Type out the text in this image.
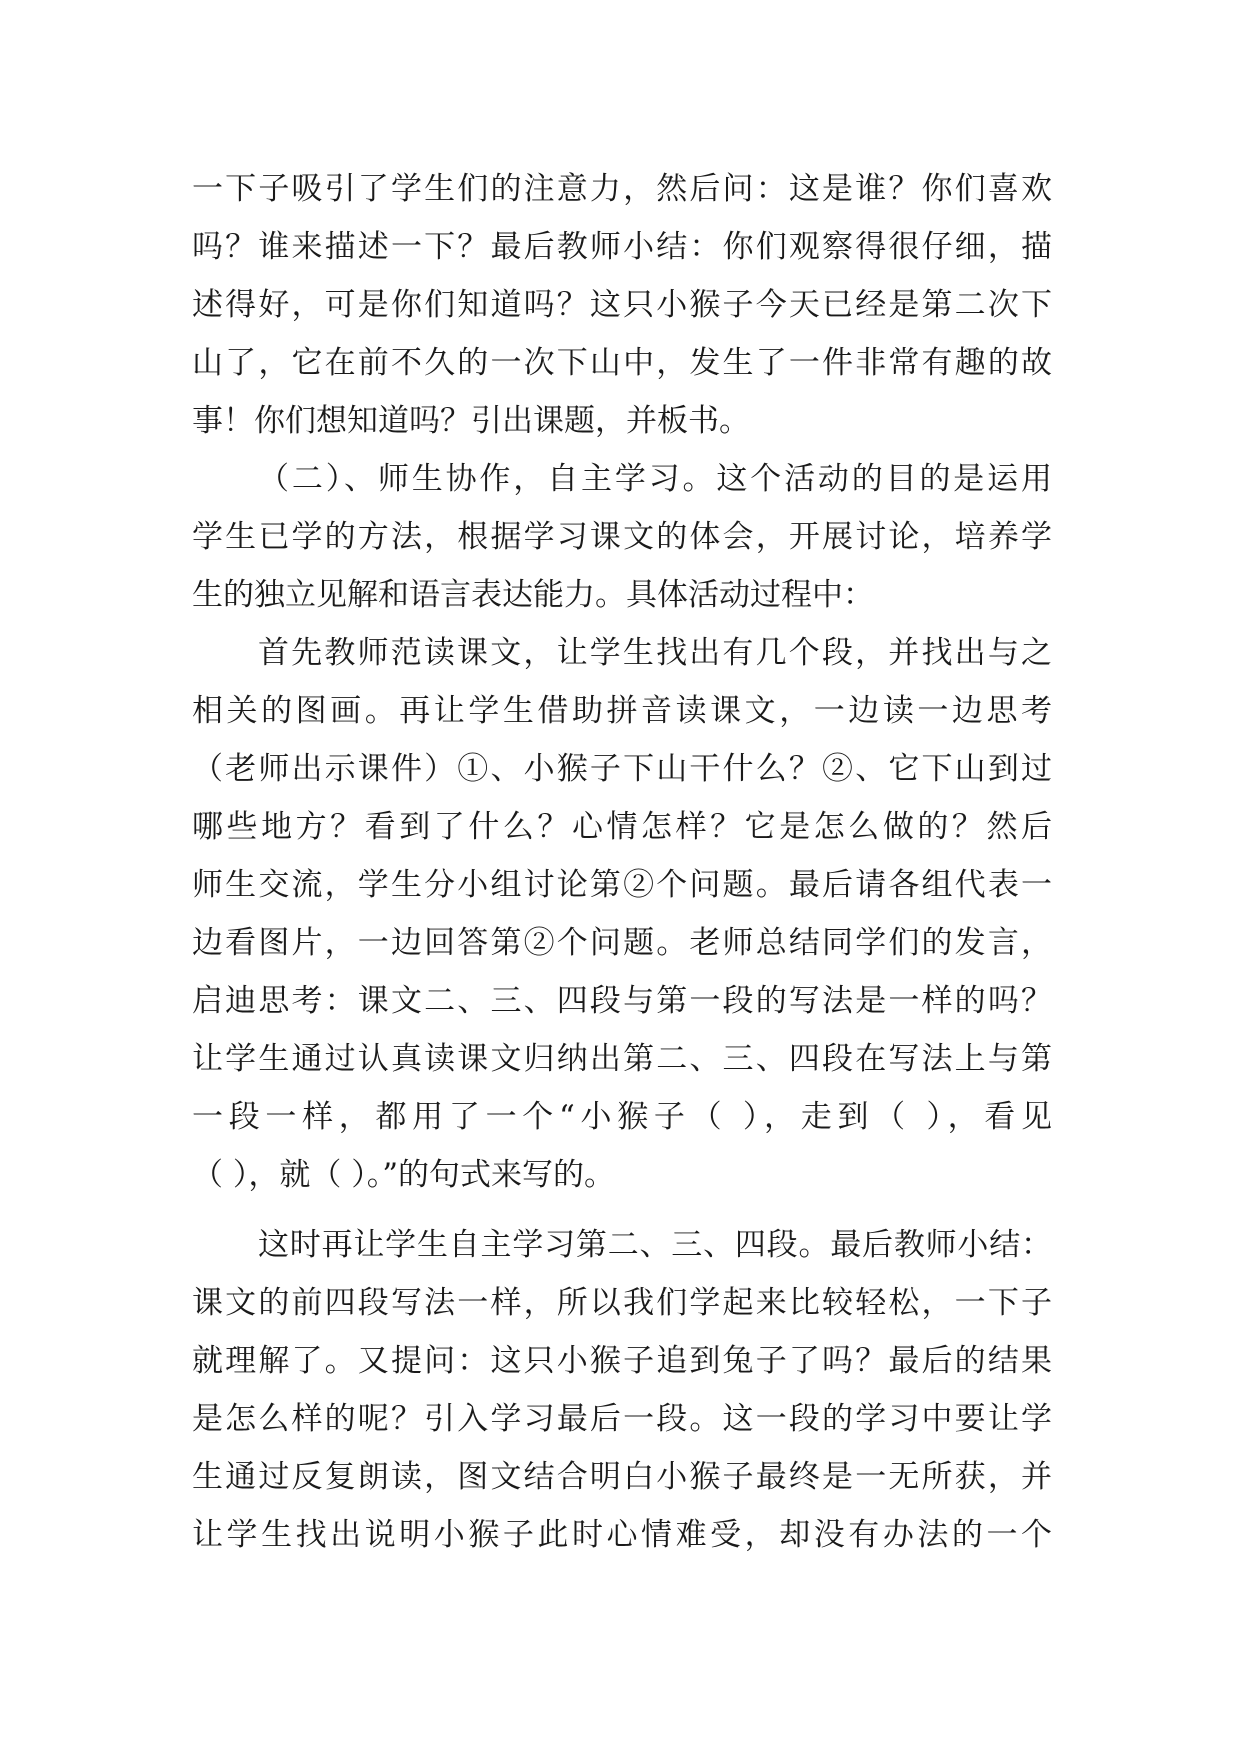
一下子吸引了学生们的注意力，然后问：这是谁？你们喜欢
吗？谁来描述一下？最后教师小结：你们观察得很仔细，描
述得好，可是你们知道吗？这只小猴子今天已经是第二次下
山了，它在前不久的一次下山中，发生了一件非常有趣的故
事！你们想知道吗？引出课题，并板书。
（二）、师生协作，自主学习。这个活动的目的是运用
学生已学的方法，根据学习课文的体会，开展讨论，培养学
生的独立见解和语言表达能力。具体活动过程中：
首先教师范读课文，让学生找出有几个段，并找出与之
相关的图画。再让学生借助拼音读课文，一边读一边思考
（老师出示课件）①、小猴子下山干什么？②、它下山到过
哪些地方？看到了什么？心情怎样？它是怎么做的？然后
师生交流，学生分小组讨论第②个问题。最后请各组代表一
边看图片，一边回答第②个问题。老师总结同学们的发言，
启迪思考：课文二、三、四段与第一段的写法是一样的吗？
让学生通过认真读课文归纳出第二、三、四段在写法上与第
一段一样，都用了一个“小猴子（ ），走到（ ），看见
（ ），就（ ）。”的句式来写的。
这时再让学生自主学习第二、三、四段。最后教师小结：
课文的前四段写法一样，所以我们学起来比较轻松，一下子
就理解了。又提问：这只小猴子追到兔子了吗？最后的结果
是怎么样的呢？引入学习最后一段。这一段的学习中要让学
生通过反复朗读，图文结合明白小猴子最终是一无所获，并
让学生找出说明小猴子此时心情难受，却没有办法的一个
